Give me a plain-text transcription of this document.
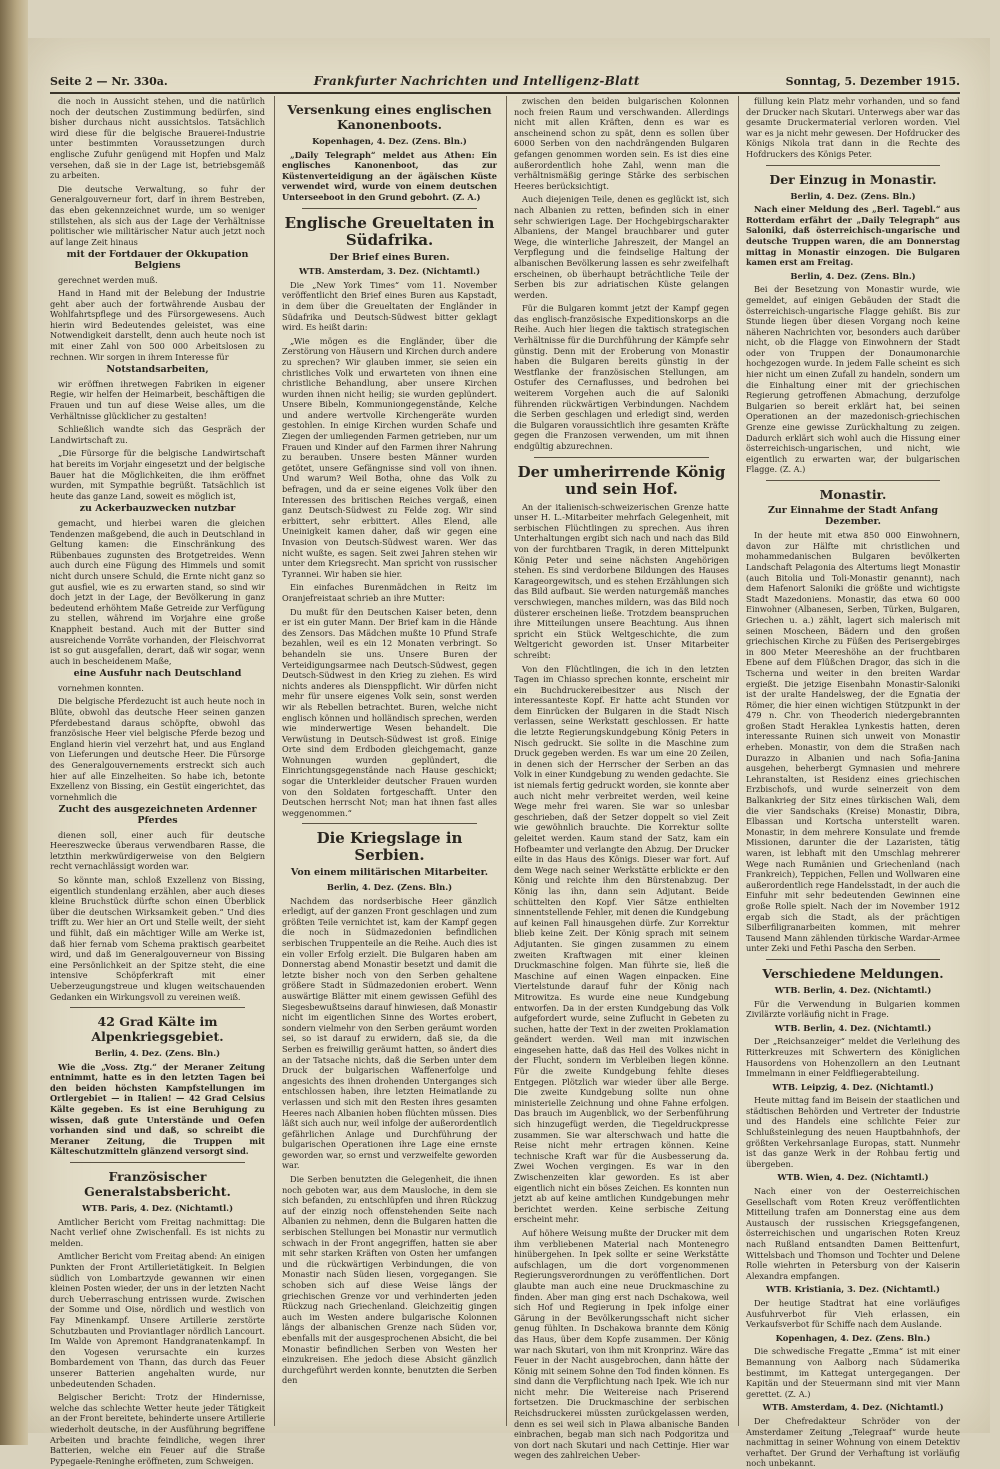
Seite 2 — Nr. 330a.	Frankfurter Nachrichten und Intelligenz-Blatt	Sonntag, 5. Dezember 1915.

die noch in Aussicht stehen, und die natürlich noch der deutschen Zustimmung bedürfen, sind bisher durchaus nicht aussichtslos. Tatsächlich wird diese für die belgische Brauerei-Industrie unter bestimmten Voraussetzungen durch englische Zufuhr genügend mit Hopfen und Malz versehen, daß sie in der Lage ist, betriebsgemäß zu arbeiten.

Die deutsche Verwaltung, so fuhr der Generalgouverneur fort, darf in ihrem Bestreben, das eben gekennzeichnet wurde, um so weniger stillstehen, als sich aus der Lage der Verhältnisse politischer wie militärischer Natur auch jetzt noch auf lange Zeit hinaus

mit der Fortdauer der Okkupation Belgiens

gerechnet werden muß.

Hand in Hand mit der Belebung der Industrie geht aber auch der fortwährende Ausbau der Wohlfahrtspflege und des Fürsorgewesens. Auch hierin wird Bedeutendes geleistet, was eine Notwendigkeit darstellt, denn auch heute noch ist mit einer Zahl von 500 000 Arbeitslosen zu rechnen. Wir sorgen in ihrem Interesse für

Notstandsarbeiten,

wir eröffnen ihretwegen Fabriken in eigener Regie, wir helfen der Heimarbeit, beschäftigen die Frauen und tun auf diese Weise alles, um die Verhältnisse glücklicher zu gestalten!

Schließlich wandte sich das Gespräch der Landwirtschaft zu.

„Die Fürsorge für die belgische Landwirtschaft hat bereits im Vorjahr eingesetzt und der belgische Bauer hat die Möglichkeiten, die ihm eröffnet wurden, mit Sympathie begrüßt. Tatsächlich ist heute das ganze Land, soweit es möglich ist,

zu Ackerbauzwecken nutzbar

gemacht, und hierbei waren die gleichen Tendenzen maßgebend, die auch in Deutschland in Geltung kamen: die Einschränkung des Rübenbaues zugunsten des Brotgetreides. Wenn auch durch eine Fügung des Himmels und somit nicht durch unsere Schuld, die Ernte nicht ganz so gut ausfiel, wie es zu erwarten stand, so sind wir doch jetzt in der Lage, der Bevölkerung in ganz bedeutend erhöhtem Maße Getreide zur Verfügung zu stellen, während im Vorjahre eine große Knappheit bestand. Auch mit der Butter sind ausreichende Vorräte vorhanden, der Fleischvorrat ist so gut ausgefallen, derart, daß wir sogar, wenn auch in bescheidenem Maße,

eine Ausfuhr nach Deutschland

vornehmen konnten.

Die belgische Pferdezucht ist auch heute noch in Blüte, obwohl das deutsche Heer seinen ganzen Pferdebestand daraus schöpfte, obwohl das französische Heer viel belgische Pferde bezog und England hierin viel verzehrt hat, und aus England von Lieferungen und deutsche Heer. Die Fürsorge des Generalgouvernements erstreckt sich auch hier auf alle Einzelheiten. So habe ich, betonte Exzellenz von Bissing, ein Gestüt eingerichtet, das vornehmlich die

Zucht des ausgezeichneten Ardenner Pferdes

dienen soll, einer auch für deutsche Heereszwecke überaus verwendbaren Rasse, die letzthin merkwürdigerweise von den Belgiern recht vernachlässigt worden war.

So könnte man, schloß Exzellenz von Bissing, eigentlich stundenlang erzählen, aber auch dieses kleine Bruchstück dürfte schon einen Überblick über die deutschen Wirksamkeit geben.“ Und dies trifft zu. Wer hier an Ort und Stelle weilt, der sieht und fühlt, daß ein mächtiger Wille am Werke ist, daß hier fernab vom Schema praktisch gearbeitet wird, und daß im Generalgouverneur von Bissing eine Persönlichkeit an der Spitze steht, die eine intensive Schöpferkraft mit einer Ueberzeugungstreue und klugen weitschauenden Gedanken ein Wirkungsvoll zu vereinen weiß.

42 Grad Kälte im Alpenkriegsgebiet.
Berlin, 4. Dez. (Zens. Bln.)

Wie die „Voss. Ztg.“ der Meraner Zeitung entnimmt, hatte es in den letzten Tagen bei den beiden höchsten Kampfstellungen im Ortlergebiet — in Italien! — 42 Grad Celsius Kälte gegeben. Es ist eine Beruhigung zu wissen, daß gute Unterstände und Oefen vorhanden sind und daß, so schreibt die Meraner Zeitung, die Truppen mit Kälteschutzmitteln glänzend versorgt sind.

Französischer Generalstabsbericht.
WTB. Paris, 4. Dez. (Nichtamtl.)

Amtlicher Bericht vom Freitag nachmittag: Die Nacht verlief ohne Zwischenfall. Es ist nichts zu melden.

Amtlicher Bericht vom Freitag abend: An einigen Punkten der Front Artillerietätigkeit. In Belgien südlich von Lombartzyde gewannen wir einen kleinen Posten wieder, der uns in der letzten Nacht durch Ueberraschung entrissen wurde. Zwischen der Somme und Oise, nördlich und westlich von Fay Minenkampf. Unsere Artillerie zerstörte Schutzbauten und Proviantlager nördlich Lancourt. Im Walde von Apremont Handgranatenkampf. In den Vogesen verursachte ein kurzes Bombardement von Thann, das durch das Feuer unserer Batterien angehalten wurde, nur unbedeutenden Schaden.

Belgischer Bericht: Trotz der Hindernisse, welche das schlechte Wetter heute jeder Tätigkeit an der Front bereitete, behinderte unsere Artillerie wiederholt deutsche, in der Ausführung begriffene Arbeiten und brachte feindliche, wegen ihrer Batterien, welche ein Feuer auf die Straße Pypegaele-Reninghe eröffneten, zum Schweigen.

Versenkung eines englischen Kanonenboots.
Kopenhagen, 4. Dez. (Zens. Bln.)

„Daily Telegraph“ meldet aus Athen: Ein englisches Kanonenboot, das zur Küstenverteidigung an der ägäischen Küste verwendet wird, wurde von einem deutschen Unterseeboot in den Grund gebohrt. (Z. A.)

Englische Greueltaten in Südafrika.
Der Brief eines Buren.
WTB. Amsterdam, 3. Dez. (Nichtamtl.)

Die „New York Times“ vom 11. November veröffentlicht den Brief eines Buren aus Kapstadt, in dem über die Greueltaten der Engländer in Südafrika und Deutsch-Südwest bitter geklagt wird. Es heißt darin:

„Wie mögen es die Engländer, über die Zerstörung von Häusern und Kirchen durch andere zu sprechen? Wir glauben immer, sie seien ein christliches Volk und erwarteten von ihnen eine christliche Behandlung, aber unsere Kirchen wurden ihnen nicht heilig; sie wurden geplündert. Unsere Bibeln, Kommuniongegenstände, Kelche und andere wertvolle Kirchengeräte wurden gestohlen. In einige Kirchen wurden Schafe und Ziegen der umliegenden Farmen getrieben, nur um Frauen und Kinder auf den Farmen ihrer Nahrung zu berauben. Unsere besten Männer wurden getötet, unsere Gefängnisse sind voll von ihnen. Und warum? Weil Botha, ohne das Volk zu befragen, und da er seine eigenes Volk über den Interessen des britischen Reiches vergaß, einen ganz Deutsch-Südwest zu Felde zog. Wir sind erbittert, sehr erbittert. Alles Elend, alle Uneinigkeit kamen daher, daß wir gegen eine Invasion von Deutsch-Südwest waren. Wer das nicht wußte, es sagen. Seit zwei Jahren stehen wir unter dem Kriegsrecht. Man spricht von russischer Tyrannei. Wir haben sie hier.

Ein einfaches Burenmädchen in Reitz im Oranjefreistaat schrieb an ihre Mutter:

Du mußt für den Deutschen Kaiser beten, denn er ist ein guter Mann. Der Brief kam in die Hände des Zensors. Das Mädchen mußte 10 Pfund Strafe bezahlen, weil es ein 12 Monaten verbringt. So behandeln sie uns. Unsere Buren der Verteidigungsarmee nach Deutsch-Südwest, gegen Deutsch-Südwest in den Krieg zu ziehen. Es wird nichts anderes als Diensppflicht. Wir dürfen nicht mehr für unsere eigenes Volk sein, sonst werden wir als Rebellen betrachtet. Buren, welche nicht englisch können und holländisch sprechen, werden wie minderwertige Wesen behandelt. Die Verwüstung in Deutsch-Südwest ist groß. Einige Orte sind dem Erdboden gleichgemacht, ganze Wohnungen wurden geplündert, die Einrichtungsgegenstände nach Hause geschickt; sogar die Unterkleider deutscher Frauen wurden von den Soldaten fortgeschafft. Unter den Deutschen herrscht Not; man hat ihnen fast alles weggenommen.“

Die Kriegslage in Serbien.
Von einem militärischen Mitarbeiter.
Berlin, 4. Dez. (Zens. Bln.)

Nachdem das nordserbische Heer gänzlich erledigt, auf der ganzen Front geschlagen und zum größten Teile vernichtet ist, kam der Kampf gegen die noch in Südmazedonien befindlichen serbischen Truppenteile an die Reihe. Auch dies ist ein voller Erfolg erzielt. Die Bulgaren haben am Donnerstag abend Monastir besetzt und damit die letzte bisher noch von den Serben gehaltene größere Stadt in Südmazedonien erobert. Wenn auswärtige Blätter mit einem gewissen Gefühl des Siegesbewußtseins darauf hinwiesen, daß Monastir nicht im eigentlichen Sinne des Wortes erobert, sondern vielmehr von den Serben geräumt worden sei, so ist darauf zu erwidern, daß sie, da die Serben es freiwillig geräumt hatten, so ändert dies an der Tatsache nichts, daß die Serben unter dem Druck der bulgarischen Waffenerfolge und angesichts des ihnen drohenden Unterganges sich entschlossen haben, ihre letzten Heimatlande zu verlassen und sich mit den Resten ihres gesamten Heeres nach Albanien hoben flüchten müssen. Dies läßt sich auch nur, weil infolge der außerordentlich gefährlichen Anlage und Durchführung der bulgarischen Operationen ihre Lage eine ernste geworden war, so ernst und verzweifelte geworden war.

Die Serben benutzten die Gelegenheit, die ihnen noch geboten war, aus dem Mausloche, in dem sie sich befanden, zu entschlüpfen und ihren Rückzug auf der einzig noch offenstehenden Seite nach Albanien zu nehmen, denn die Bulgaren hatten die serbischen Stellungen bei Monastir nur vermutlich schwach in der Front angegriffen, hatten sie aber mit sehr starken Kräften von Osten her umfangen und die rückwärtigen Verbindungen, die von Monastir nach Süden liesen, vorgegangen. Sie schoben sich auf diese Weise längs der griechischen Grenze vor und verhinderten jeden Rückzug nach Griechenland. Gleichzeitig gingen auch im Westen andere bulgarische Kolonnen längs der albanischen Grenze nach Süden vor, ebenfalls mit der ausgesprochenen Absicht, die bei Monastir befindlichen Serben von Westen her einzukreisen. Ehe jedoch diese Absicht gänzlich durchgeführt werden konnte, benutzten die Serben den

zwischen den beiden bulgarischen Kolonnen noch freien Raum und verschwanden. Allerdings nicht mit allen Kräften, denn es war es anscheinend schon zu spät, denn es sollen über 6000 Serben von den nachdrängenden Bulgaren gefangen genommen worden sein. Es ist dies eine außerordentlich hohe Zahl, wenn man die verhältnismäßig geringe Stärke des serbischen Heeres berücksichtigt.

Auch diejenigen Teile, denen es geglückt ist, sich nach Albanien zu retten, befinden sich in einer sehr schwierigen Lage. Der Hochgebirgscharakter Albaniens, der Mangel brauchbarer und guter Wege, die winterliche Jahreszeit, der Mangel an Verpflegung und die feindselige Haltung der albanischen Bevölkerung lassen es sehr zweifelhaft erscheinen, ob überhaupt beträchtliche Teile der Serben bis zur adriatischen Küste gelangen werden.

Für die Bulgaren kommt jetzt der Kampf gegen das englisch-französische Expeditionskorps an die Reihe. Auch hier liegen die taktisch strategischen Verhältnisse für die Durchführung der Kämpfe sehr günstig. Denn mit der Eroberung von Monastir haben die Bulgaren bereits günstig in der Westflanke der französischen Stellungen, am Ostufer des Cernaflusses, und bedrohen bei weiterem Vorgehen auch die auf Saloniki führenden rückwärtigen Verbindungen. Nachdem die Serben geschlagen und erledigt sind, werden die Bulgaren voraussichtlich ihre gesamten Kräfte gegen die Franzosen verwenden, um mit ihnen endgültig abzurechnen.

Der umherirrende König und sein Hof.

An der italienisch-schweizerischen Grenze hatte unser H. L.-Mitarbeiter mehrfach Gelegenheit, mit serbischen Flüchtlingen zu sprechen. Aus ihren Unterhaltungen ergibt sich nach und nach das Bild von der furchtbaren Tragik, in deren Mittelpunkt König Peter und seine nächsten Angehörigen stehen. Es sind verdorbene Bildungen des Hauses Karageorgewitsch, und es stehen Erzählungen sich das Bild aufbaut. Sie werden naturgemäß manches verschwiegen, manches mildern, was das Bild noch düsterer erscheinen ließe. Trotzdem beanspruchen ihre Mitteilungen unsere Beachtung. Aus ihnen spricht ein Stück Weltgeschichte, die zum Weltgericht geworden ist. Unser Mitarbeiter schreibt:

Von den Flüchtlingen, die ich in den letzten Tagen im Chiasso sprechen konnte, erscheint mir ein Buchdruckereibesitzer aus Nisch der interessanteste Kopf. Er hatte acht Stunden vor dem Einrücken der Bulgaren in die Stadt Nisch verlassen, seine Werkstatt geschlossen. Er hatte die letzte Regierungskundgebung König Peters in Nisch gedruckt. Sie sollte in die Maschine zum Druck gegeben werden. Es war um eine 20 Zeilen, in denen sich der Herrscher der Serben an das Volk in einer Kundgebung zu wenden gedachte. Sie ist niemals fertig gedruckt worden, sie konnte aber auch nicht mehr verbreitet werden, weil keine Wege mehr frei waren. Sie war so unlesbar geschrieben, daß der Setzer doppelt so viel Zeit wie gewöhnlich brauchte. Die Korrektur sollte geleitet werden. Kaum stand der Satz, kam ein Hofbeamter und verlangte den Abzug. Der Drucker eilte in das Haus des Königs. Dieser war fort. Auf dem Wege nach seiner Werkstätte erblickte er den König und reichte ihm den Bürstenabzug. Der König las ihn, dann sein Adjutant. Beide schüttelten den Kopf. Vier Sätze enthielten sinnentstellende Fehler, mit denen die Kundgebung auf keinen Fall hinausgehen dürfe. Zur Korrektur blieb keine Zeit. Der König sprach mit seinem Adjutanten. Sie gingen zusammen zu einem zweiten Kraftwagen mit einer kleinen Druckmaschine folgen. Man führte sie, ließ die Maschine auf einen Wagen einpacken. Eine Viertelstunde darauf fuhr der König nach Mitrowitza. Es wurde eine neue Kundgebung entworfen. Da in der ersten Kundgebung das Volk aufgefordert wurde, seine Zuflucht in Gebeten zu suchen, hatte der Text in der zweiten Proklamation geändert werden. Weil man mit inzwischen eingesehen hatte, daß das Heil des Volkes nicht in der Flucht, sondern im Verbleiben liegen könne. Für die zweite Kundgebung fehlte dieses Entgegen. Plötzlich war wieder über alle Berge. Die zweite Kundgebung sollte nun ohne ministerielle Zeichnung und ohne Fahne erfolgen. Das brauch im Augenblick, wo der Serbenführung sich hinzugefügt werden, die Tiegeldruckpresse zusammen. Sie war alterschwach und hatte die Reise nicht mehr ertragen können. Keine technische Kraft war für die Ausbesserung da. Zwei Wochen vergingen. Es war in den Zwischenzeiten klar geworden. Es ist aber eigentlich nicht ein böses Zeichen. Es konnten nun jetzt ab auf keine amtlichen Kundgebungen mehr berichtet werden. Keine serbische Zeitung erscheint mehr.

Auf höhere Weisung mußte der Drucker mit dem ihm verbliebenen Material nach Montenegro hinübergehen. In Ipek sollte er seine Werkstätte aufschlagen, um die dort vorgenommenen Regierungsverordnungen zu veröffentlichen. Dort glaubte man auch eine neue Druckmaschine zu finden. Aber man ging erst nach Dschakowa, weil sich Hof und Regierung in Ipek infolge einer Gärung in der Bevölkerungsschaft nicht sicher genug fühlten. In Dschakowa brannte dem König das Haus, über dem Kopfe zusammen. Der König war nach Skutari, von ihm mit Kronprinz. Wäre das Feuer in der Nacht ausgebrochen, dann hätte der König mit seinem Sohne den Tod finden können. Es sind dann die Verpflichtung nach Ipek. Wie ich nur nicht mehr. Die Weitereise nach Priserend fortsetzen. Die Druckmaschine der serbischen Reichsdruckerei müssten zurückgelassen werden, denn es sei weil sich in Plawa albanische Banden einbrachen, begab man sich nach Podgoritza und von dort nach Skutari und nach Cettinje. Hier war wegen des zahlreichen Ueber-

füllung kein Platz mehr vorhanden, und so fand der Drucker nach Skutari. Unterwegs aber war das gesamte Druckermaterial verloren worden. Viel war es ja nicht mehr gewesen. Der Hofdrucker des Königs Nikola trat dann in die Rechte des Hofdruckers des Königs Peter.

Der Einzug in Monastir.
Berlin, 4. Dez. (Zens. Bln.)

Nach einer Meldung des „Berl. Tagebl.“ aus Rotterdam erfährt der „Daily Telegraph“ aus Saloniki, daß österreichisch-ungarische und deutsche Truppen waren, die am Donnerstag mittag in Monastir einzogen. Die Bulgaren kamen erst am Freitag.

Berlin, 4. Dez. (Zens. Bln.)

Bei der Besetzung von Monastir wurde, wie gemeldet, auf einigen Gebäuden der Stadt die österreichisch-ungarische Flagge gehißt. Bis zur Stunde liegen über diesen Vorgang noch keine näheren Nachrichten vor, besonders auch darüber nicht, ob die Flagge von Einwohnern der Stadt oder von Truppen der Donaumonarchie hochgezogen wurde. In jedem Falle scheint es sich hier nicht um einen Zufall zu handeln, sondern um die Einhaltung einer mit der griechischen Regierung getroffenen Abmachung, derzufolge Bulgarien so bereit erklärt hat, bei seinen Operationen an der mazedonisch-griechischen Grenze eine gewisse Zurückhaltung zu zeigen. Dadurch erklärt sich wohl auch die Hissung einer österreichisch-ungarischen, und nicht, wie eigentlich zu erwarten war, der bulgarischen Flagge. (Z. A.)

Monastir.
Zur Einnahme der Stadt Anfang Dezember.

In der heute mit etwa 850 000 Einwohnern, davon zur Hälfte mit christlichen und mohammedanischen Bulgaren bevölkerten Landschaft Pelagonia des Altertums liegt Monastir (auch Bitolia und Toli-Monastir genannt), nach dem Hafenort Saloniki die größte und wichtigste Stadt Mazedoniens. Monastir, das etwa 60 000 Einwohner (Albanesen, Serben, Türken, Bulgaren, Griechen u. a.) zählt, lagert sich malerisch mit seinen Moscheen, Bädern und den großen griechischen Kirche zu Füßen des Perisergebirges in 800 Meter Meereshöhe an der fruchtbaren Ebene auf dem Flüßchen Dragor, das sich in die Tscherna und weiter in den breiten Wardar ergießt. Die jetzige Eisenbahn Monastir-Saloniki ist der uralte Handelsweg, der die Egnatia der Römer, die hier einen wichtigen Stützpunkt in der 479 n. Chr. von Theoderich niedergebrannten großen Stadt Heraklea Lynkestis hatten, deren interessante Ruinen sich unweit von Monastir erheben. Monastir, von dem die Straßen nach Durazzo in Albanien und nach Sofia-Janina ausgehen, beherbergt Gymnasien und mehrere Lehranstalten, ist Residenz eines griechischen Erzbischofs, und wurde seinerzeit von dem Balkankrieg der Sitz eines türkischen Wali, dem die vier Sandschaks (Kreise) Monastir, Dibra, Elbassan und Kortscha unterstellt waren. Monastir, in dem mehrere Konsulate und fremde Missionen, darunter die der Lazaristen, tätig waren, ist lebhaft mit den Umschlag mehrerer Wege nach Rumänien und Griechenland (nach Frankreich), Teppichen, Fellen und Wollwaren eine außerordentlich rege Handelsstadt, in der auch die Einfuhr mit sehr bedeutenden Gewinnen eine große Rolle spielt. Nach der im November 1912 ergab sich die Stadt, als der prächtigen Silberfiligranarbeiten kommen, mit mehrer Tausend Mann zählenden türkische Wardar-Armee unter Zeki und Fethi Pascha den Serben.

Verschiedene Meldungen.
WTB. Berlin, 4. Dez. (Nichtamtl.)

Für die Verwendung in Bulgarien kommen Zivilärzte vorläufig nicht in Frage.

WTB. Berlin, 4. Dez. (Nichtamtl.)

Der „Reichsanzeiger“ meldet die Verleihung des Ritterkreuzes mit Schwertern des Königlichen Hausordens von Hohenzollern an den Leutnant Immelmann in einer Feldfliegerabteilung.

WTB. Leipzig, 4. Dez. (Nichtamtl.)

Heute mittag fand im Beisein der staatlichen und städtischen Behörden und Vertreter der Industrie und des Handels eine schlichte Feier zur Schlußsteinlegung des neuen Hauptbahnhofs, der größten Verkehrsanlage Europas, statt. Nunmehr ist das ganze Werk in der Rohbau fertig und übergeben.

WTB. Wien, 4. Dez. (Nichtamtl.)

Nach einer von der Oesterreichischen Gesellschaft vom Roten Kreuz veröffentlichten Mitteilung trafen am Donnerstag eine aus dem Austausch der russischen Kriegsgefangenen, österreichischen und ungarischen Roten Kreuz nach Rußland entsandten Damen Beittenfurt, Wittelsbach und Thomson und Tochter und Delene Rolle wiehrten in Petersburg von der Kaiserin Alexandra empfangen.

WTB. Kristiania, 3. Dez. (Nichtamtl.)

Der heutige Stadtrat hat eine vorläufiges Ausfuhrverbot für Vieh erlassen, ein Verkaufsverbot für Schiffe nach dem Auslande.

Kopenhagen, 4. Dez. (Zens. Bln.)

Die schwedische Fregatte „Emma“ ist mit einer Bemannung von Aalborg nach Südamerika bestimmt, im Kattegat untergegangen. Der Kapitän und der Steuermann sind mit vier Mann gerettet. (Z. A.)

WTB. Amsterdam, 4. Dez. (Nichtamtl.)

Der Chefredakteur Schröder von der Amsterdamer Zeitung „Telegraaf“ wurde heute nachmittag in seiner Wohnung von einem Detektiv verhaftet. Der Grund der Verhaftung ist vorläufig noch unbekannt.
